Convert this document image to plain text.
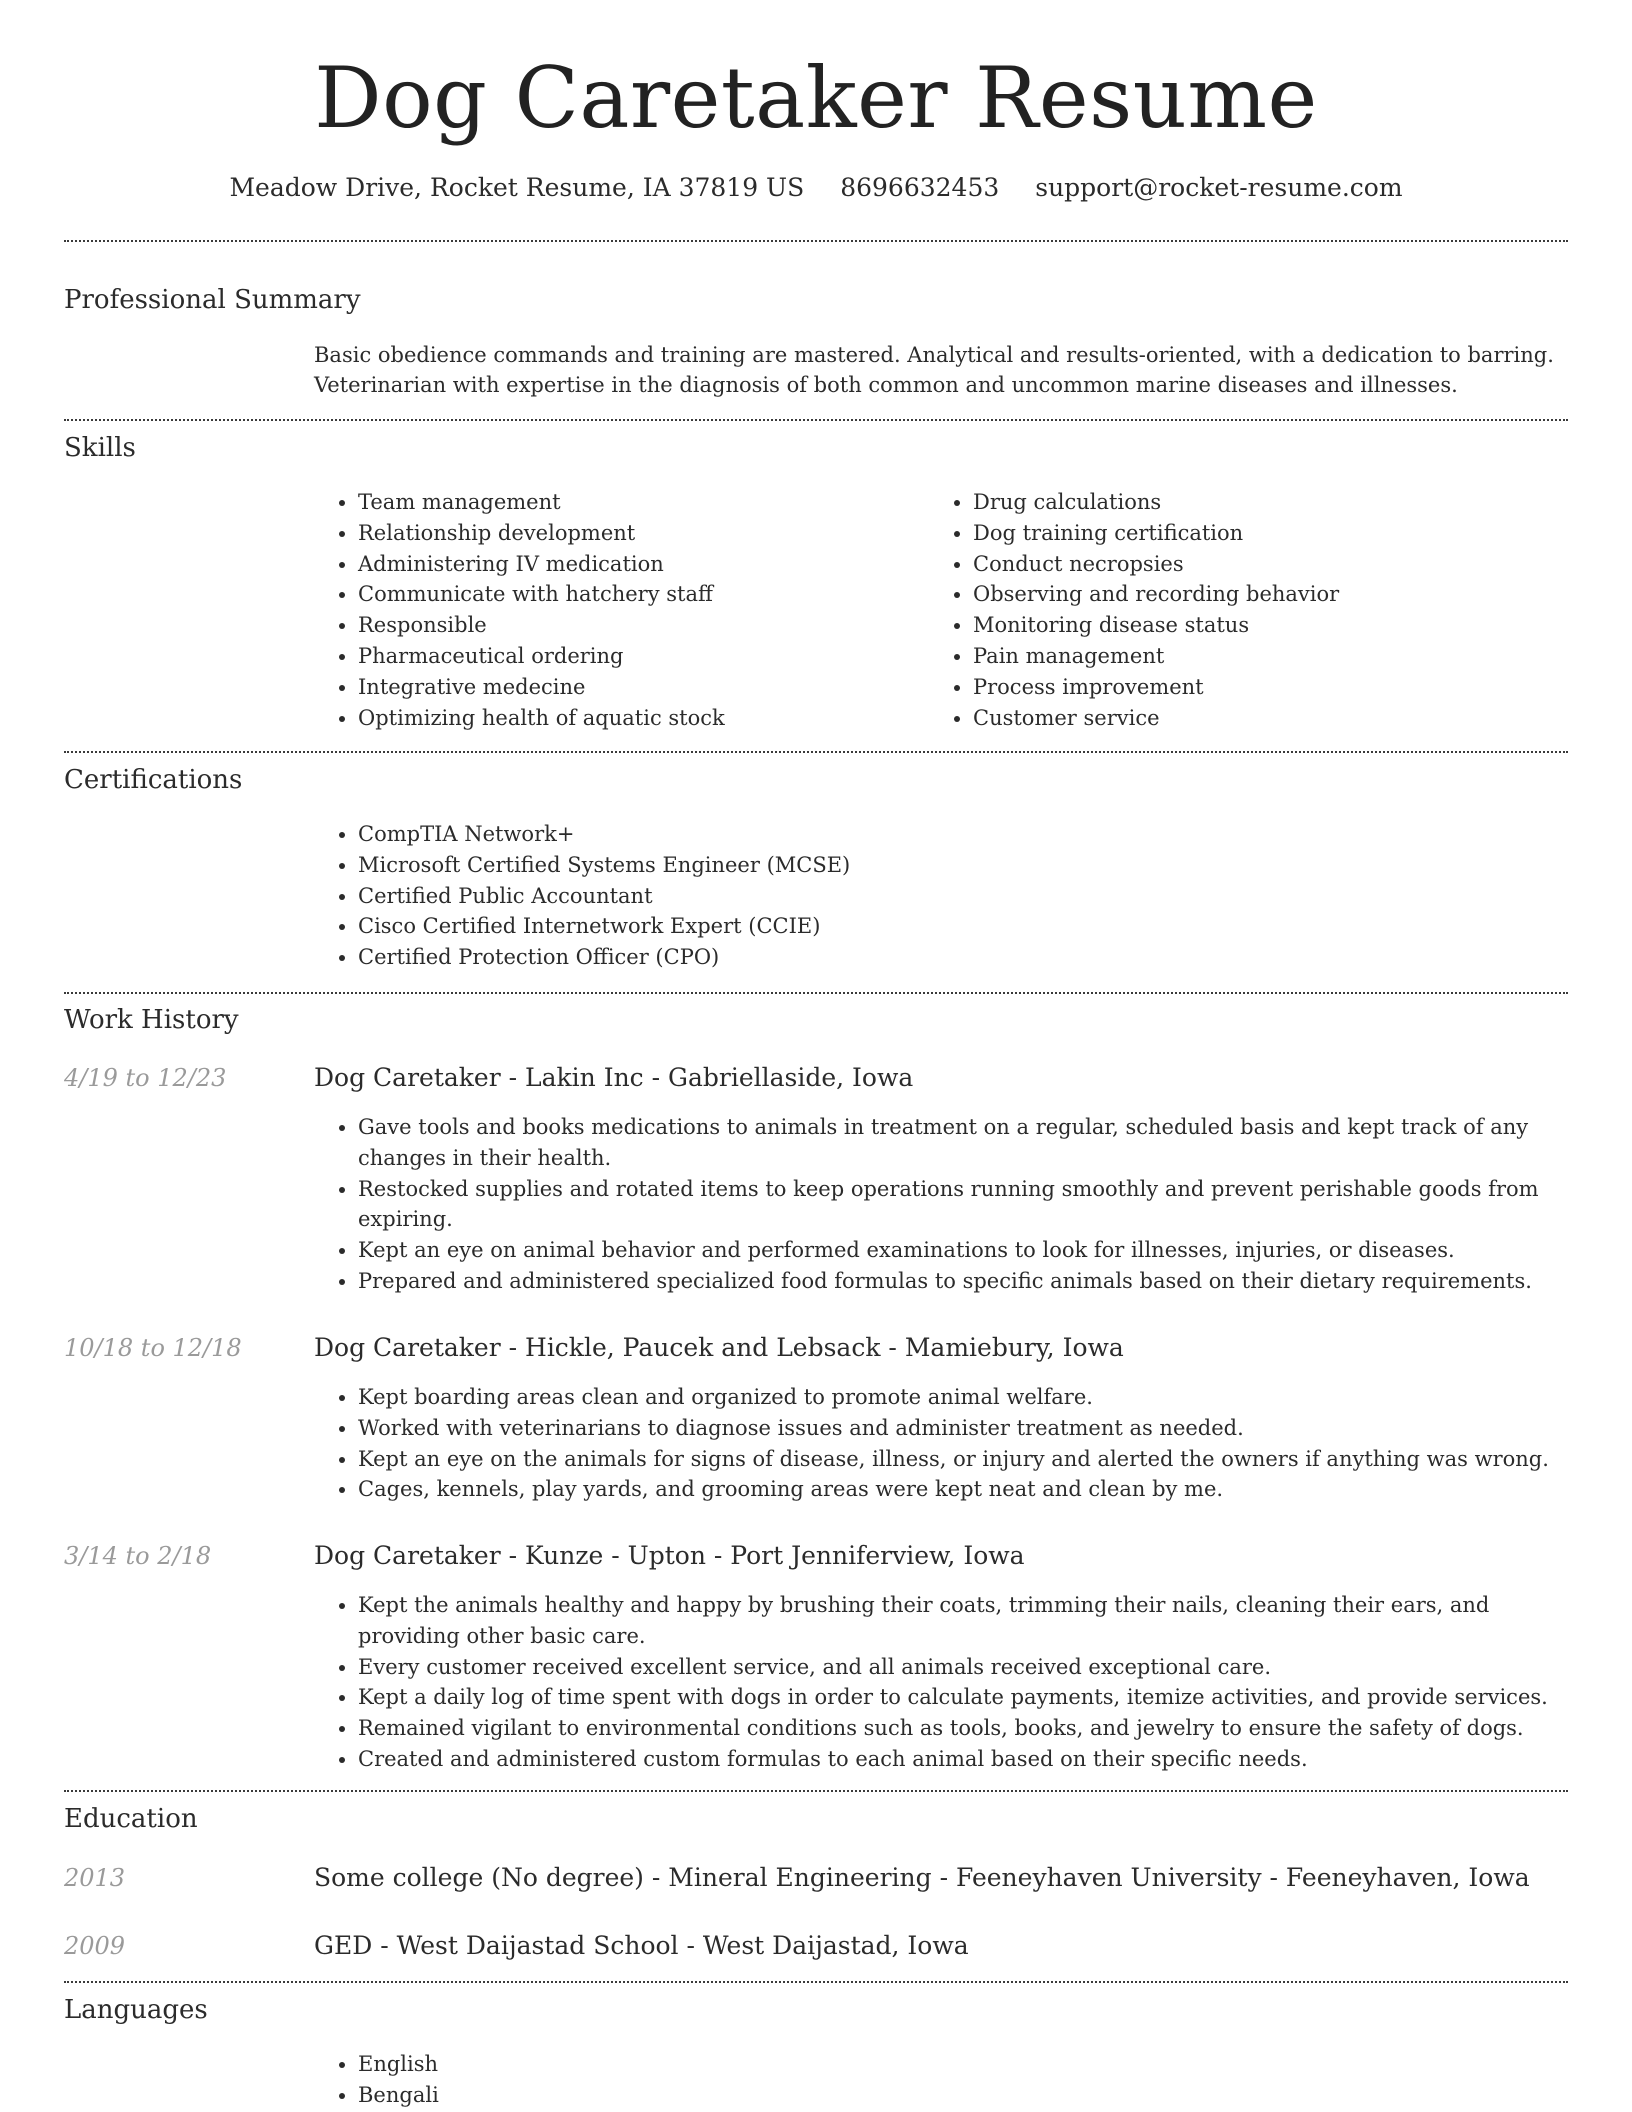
Dog Caretaker Resume
Meadow Drive, Rocket Resume, IA 37819 US 8696632453 support@rocket-resume.com
Professional Summary
Basic obedience commands and training are mastered. Analytical and results-oriented, with a dedication to barring. Veterinarian with expertise in the diagnosis of both common and uncommon marine diseases and illnesses.
Skills
• Team management
• Relationship development
• Administering IV medication
• Communicate with hatchery staff
• Responsible
• Pharmaceutical ordering
• Integrative medecine
• Optimizing health of aquatic stock
• Drug calculations
• Dog training certification
• Conduct necropsies
• Observing and recording behavior
• Monitoring disease status
• Pain management
• Process improvement
• Customer service
Certifications
• CompTIA Network+
• Microsoft Certified Systems Engineer (MCSE)
• Certified Public Accountant
• Cisco Certified Internetwork Expert (CCIE)
• Certified Protection Officer (CPO)
Work History
4/19 to 12/23	Dog Caretaker - Lakin Inc - Gabriellaside, Iowa
• Gave tools and books medications to animals in treatment on a regular, scheduled basis and kept track of any changes in their health.
• Restocked supplies and rotated items to keep operations running smoothly and prevent perishable goods from expiring.
• Kept an eye on animal behavior and performed examinations to look for illnesses, injuries, or diseases.
• Prepared and administered specialized food formulas to specific animals based on their dietary requirements.
10/18 to 12/18	Dog Caretaker - Hickle, Paucek and Lebsack - Mamiebury, Iowa
• Kept boarding areas clean and organized to promote animal welfare.
• Worked with veterinarians to diagnose issues and administer treatment as needed.
• Kept an eye on the animals for signs of disease, illness, or injury and alerted the owners if anything was wrong.
• Cages, kennels, play yards, and grooming areas were kept neat and clean by me.
3/14 to 2/18	Dog Caretaker - Kunze - Upton - Port Jenniferview, Iowa
• Kept the animals healthy and happy by brushing their coats, trimming their nails, cleaning their ears, and providing other basic care.
• Every customer received excellent service, and all animals received exceptional care.
• Kept a daily log of time spent with dogs in order to calculate payments, itemize activities, and provide services.
• Remained vigilant to environmental conditions such as tools, books, and jewelry to ensure the safety of dogs.
• Created and administered custom formulas to each animal based on their specific needs.
Education
2013	Some college (No degree) - Mineral Engineering - Feeneyhaven University - Feeneyhaven, Iowa
2009	GED - West Daijastad School - West Daijastad, Iowa
Languages
• English
• Bengali
